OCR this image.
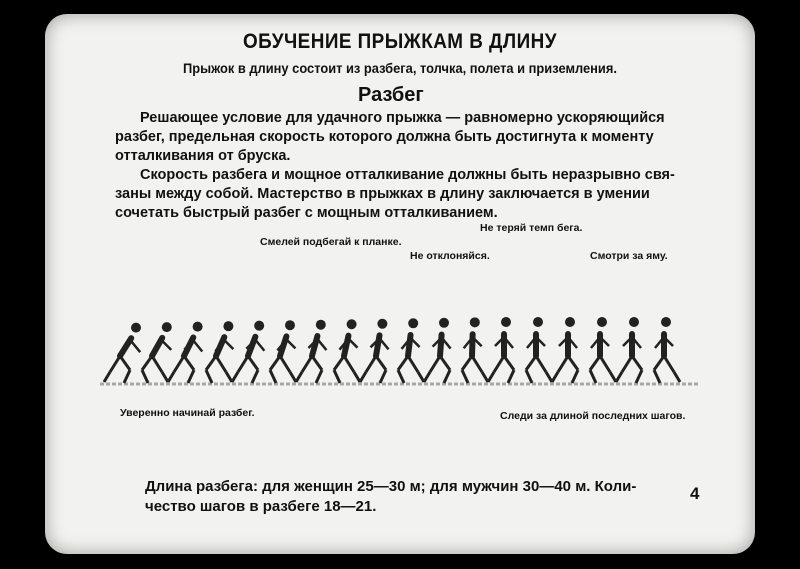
ОБУЧЕНИЕ ПРЫЖКАМ В ДЛИНУ
Прыжок в длину состоит из разбега, толчка, полета и приземления.
Разбег
Решающее условие для удачного прыжка — равномерно ускоряющийся
разбег, предельная скорость которого должна быть достигнута к моменту
отталкивания от бруска.
Скорость разбега и мощное отталкивание должны быть неразрывно свя-
заны между собой. Мастерство в прыжках в длину заключается в умении
сочетать быстрый разбег с мощным отталкиванием.
Смелей подбегай к планке.
Не теряй темп бега.
Не отклоняйся.	Смотри за яму.
Уверенно начинай разбег.	Следи за длиной последних шагов.
Длина разбега: для женщин 25—30 м; для мужчин 30—40 м. Коли-
чество шагов в разбеге 18—21.
4
